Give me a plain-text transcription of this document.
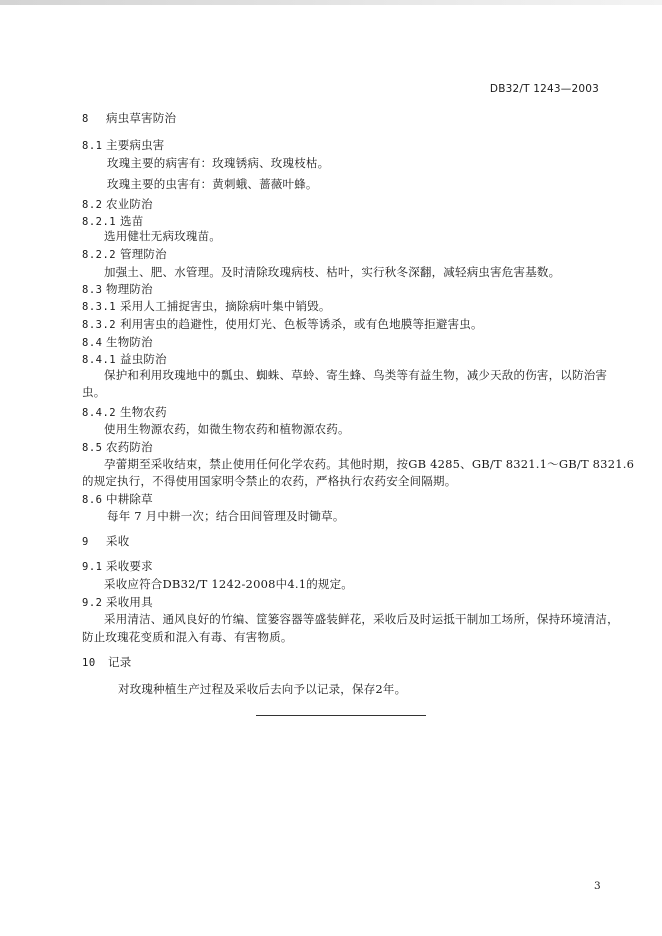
DB32/T 1243—2003
8 病虫草害防治
8.1 主要病虫害
玫瑰主要的病害有：玫瑰锈病、玫瑰枝枯。
玫瑰主要的虫害有：黄刺蛾、蔷薇叶蜂。
8.2 农业防治
8.2.1 选苗
选用健壮无病玫瑰苗。
8.2.2 管理防治
加强土、肥、水管理。及时清除玫瑰病枝、枯叶，实行秋冬深翻，减轻病虫害危害基数。
8.3 物理防治
8.3.1 采用人工捕捉害虫，摘除病叶集中销毁。
8.3.2 利用害虫的趋避性，使用灯光、色板等诱杀，或有色地膜等拒避害虫。
8.4 生物防治
8.4.1 益虫防治
保护和利用玫瑰地中的瓢虫、蜘蛛、草蛉、寄生蜂、鸟类等有益生物，减少天敌的伤害，以防治害
虫。
8.4.2 生物农药
使用生物源农药，如微生物农药和植物源农药。
8.5 农药防治
孕蕾期至采收结束，禁止使用任何化学农药。其他时期，按GB 4285、GB/T 8321.1～GB/T 8321.6
的规定执行，不得使用国家明令禁止的农药，严格执行农药安全间隔期。
8.6 中耕除草
每年 7 月中耕一次；结合田间管理及时锄草。
9 采收
9.1 采收要求
采收应符合DB32/T 1242-2008中4.1的规定。
9.2 采收用具
采用清洁、通风良好的竹编、筐篓容器等盛装鲜花，采收后及时运抵干制加工场所，保持环境清洁，
防止玫瑰花变质和混入有毒、有害物质。
10 记录
对玫瑰种植生产过程及采收后去向予以记录，保存2年。
3
